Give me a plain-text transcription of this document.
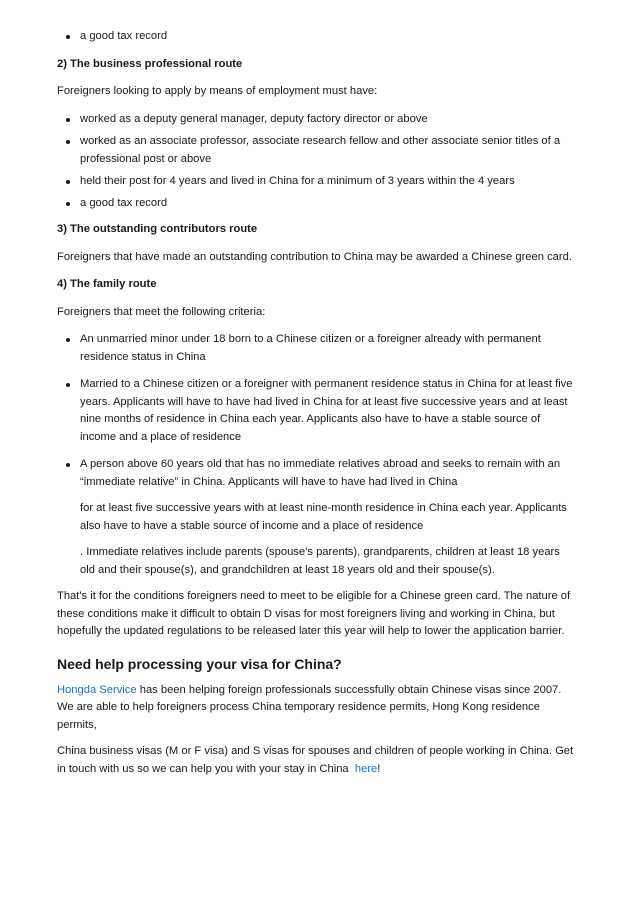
a good tax record

2) The business professional route

Foreigners looking to apply by means of employment must have:

worked as a deputy general manager, deputy factory director or above
worked as an associate professor, associate research fellow and other associate senior titles of a professional post or above
held their post for 4 years and lived in China for a minimum of 3 years within the 4 years
a good tax record

3) The outstanding contributors route

Foreigners that have made an outstanding contribution to China may be awarded a Chinese green card.

4) The family route

Foreigners that meet the following criteria:

An unmarried minor under 18 born to a Chinese citizen or a foreigner already with permanent residence status in China
Married to a Chinese citizen or a foreigner with permanent residence status in China for at least five years. Applicants will have to have had lived in China for at least five successive years and at least nine months of residence in China each year. Applicants also have to have a stable source of income and a place of residence
A person above 60 years old that has no immediate relatives abroad and seeks to remain with an “immediate relative” in China. Applicants will have to have had lived in China

for at least five successive years with at least nine-month residence in China each year. Applicants also have to have a stable source of income and a place of residence

. Immediate relatives include parents (spouse’s parents), grandparents, children at least 18 years old and their spouse(s), and grandchildren at least 18 years old and their spouse(s).

That's it for the conditions foreigners need to meet to be eligible for a Chinese green card. The nature of these conditions make it difficult to obtain D visas for most foreigners living and working in China, but hopefully the updated regulations to be released later this year will help to lower the application barrier.

Need help processing your visa for China?

Hongda Service has been helping foreign professionals successfully obtain Chinese visas since 2007. We are able to help foreigners process China temporary residence permits, Hong Kong residence permits,

China business visas (M or F visa) and S visas for spouses and children of people working in China. Get in touch with us so we can help you with your stay in China  here!
